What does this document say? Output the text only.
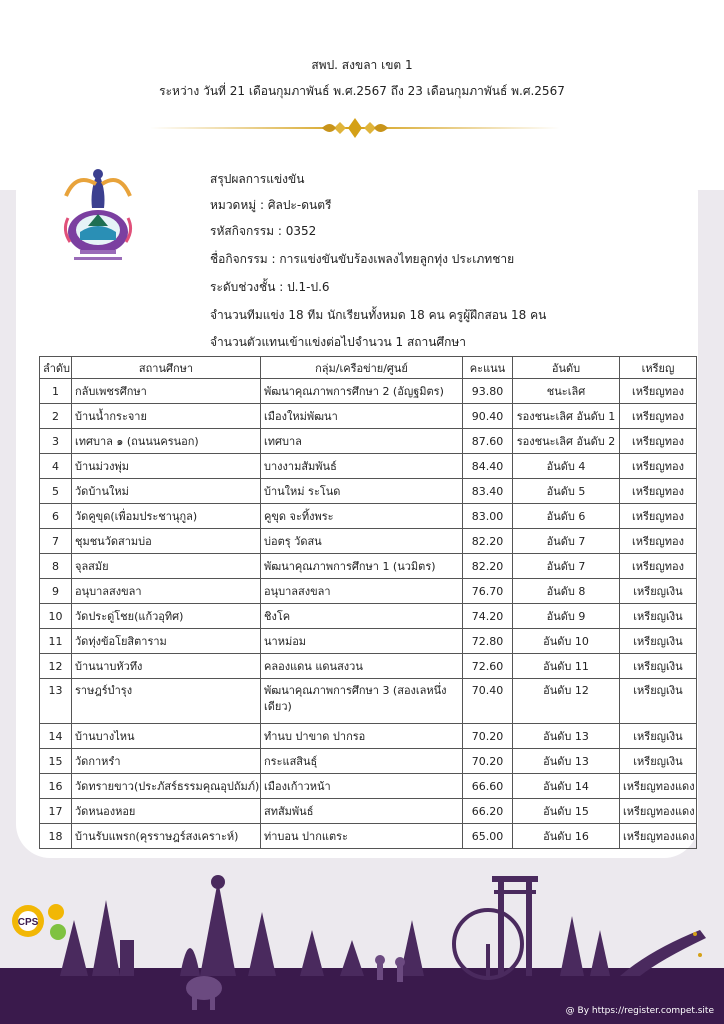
สพป. สงขลา เขต 1
ระหว่าง วันที่ 21 เดือนกุมภาพันธ์ พ.ศ.2567 ถึง 23 เดือนกุมภาพันธ์ พ.ศ.2567
สรุปผลการแข่งขัน
หมวดหมู่ : ศิลปะ-ดนตรี
รหัสกิจกรรม : 0352
ชื่อกิจกรรม : การแข่งขันขับร้องเพลงไทยลูกทุ่ง ประเภทชาย
ระดับช่วงชั้น : ป.1-ป.6
จำนวนทีมแข่ง 18 ทีม นักเรียนทั้งหมด 18 คน ครูผู้ฝึกสอน 18 คน
จำนวนตัวแทนเข้าแข่งต่อไปจำนวน 1 สถานศึกษา
ลำดับ	สถานศึกษา	กลุ่ม/เครือข่าย/ศูนย์	คะแนน	อันดับ	เหรียญ
1	กลับเพชรศึกษา	พัฒนาคุณภาพการศึกษา 2 (อัญฐมิตร)	93.80	ชนะเลิศ	เหรียญทอง
2	บ้านน้ำกระจาย	เมืองใหม่พัฒนา	90.40	รองชนะเลิศ อันดับ 1	เหรียญทอง
3	เทศบาล ๑ (ถนนนครนอก)	เทศบาล	87.60	รองชนะเลิศ อันดับ 2	เหรียญทอง
4	บ้านม่วงพุ่ม	บางงามสัมพันธ์	84.40	อันดับ 4	เหรียญทอง
5	วัดบ้านใหม่	บ้านใหม่ ระโนด	83.40	อันดับ 5	เหรียญทอง
6	วัดคูขุด(เพื่อมประชานุกูล)	คูขุด จะทิ้งพระ	83.00	อันดับ 6	เหรียญทอง
7	ชุมชนวัดสามบ่อ	บ่อตรุ วัดสน	82.20	อันดับ 7	เหรียญทอง
8	จุลสมัย	พัฒนาคุณภาพการศึกษา 1 (นวมิตร)	82.20	อันดับ 7	เหรียญทอง
9	อนุบาลสงขลา	อนุบาลสงขลา	76.70	อันดับ 8	เหรียญเงิน
10	วัดประดู่โชย(แก้วอุทิศ)	ชิงโค	74.20	อันดับ 9	เหรียญเงิน
11	วัดทุ่งข้อโยสิตาราม	นาหม่อม	72.80	อันดับ 10	เหรียญเงิน
12	บ้านนาบหัวทึง	คลองแดน แดนสงวน	72.60	อันดับ 11	เหรียญเงิน
13	ราษฎร์บำรุง	พัฒนาคุณภาพการศึกษา 3 (สองเลหนึ่งเดียว)	70.40	อันดับ 12	เหรียญเงิน
14	บ้านบางไหน	ทำนบ ปาขาด ปากรอ	70.20	อันดับ 13	เหรียญเงิน
15	วัดกาหรำ	กระแสสินธุ์	70.20	อันดับ 13	เหรียญเงิน
16	วัดทรายขาว(ประภัสร์ธรรมคุณอุปถัมภ์)	เมืองเก้าวหน้า	66.60	อันดับ 14	เหรียญทองแดง
17	วัดหนองหอย	สทสัมพันธ์	66.20	อันดับ 15	เหรียญทองแดง
18	บ้านรับแพรก(คุรราษฎร์สงเคราะห์)	ท่าบอน ปากแตระ	65.00	อันดับ 16	เหรียญทองแดง
CPS
@ By https://register.compet.site
